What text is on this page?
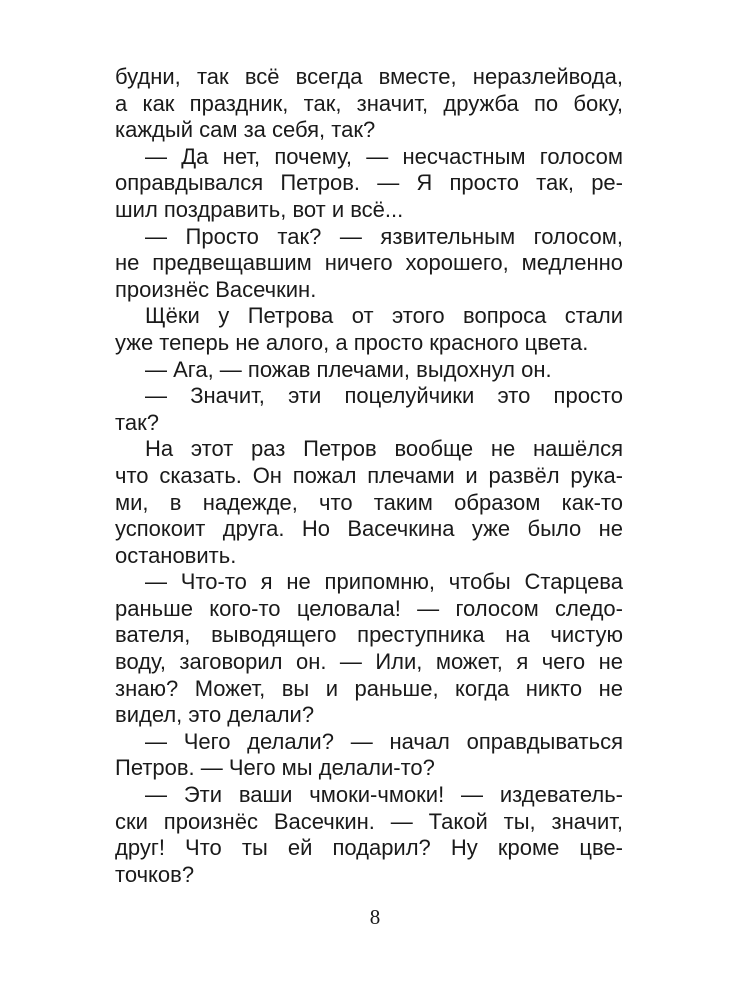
будни, так всё всегда вместе, неразлейвода,
а как праздник, так, значит, дружба по боку,
каждый сам за себя, так?
— Да нет, почему, — несчастным голосом
оправдывался Петров. — Я просто так, ре-
шил поздравить, вот и всё...
— Просто так? — язвительным голосом,
не предвещавшим ничего хорошего, медленно
произнёс Васечкин.
Щёки у Петрова от этого вопроса стали
уже теперь не алого, а просто красного цвета.
— Ага, — пожав плечами, выдохнул он.
— Значит, эти поцелуйчики это просто
так?
На этот раз Петров вообще не нашёлся
что сказать. Он пожал плечами и развёл рука-
ми, в надежде, что таким образом как-то
успокоит друга. Но Васечкина уже было не
остановить.
— Что-то я не припомню, чтобы Старцева
раньше кого-то целовала! — голосом следо-
вателя, выводящего преступника на чистую
воду, заговорил он. — Или, может, я чего не
знаю? Может, вы и раньше, когда никто не
видел, это делали?
— Чего делали? — начал оправдываться
Петров. — Чего мы делали-то?
— Эти ваши чмоки-чмоки! — издеватель-
ски произнёс Васечкин. — Такой ты, значит,
друг! Что ты ей подарил? Ну кроме цве-
точков?
8
